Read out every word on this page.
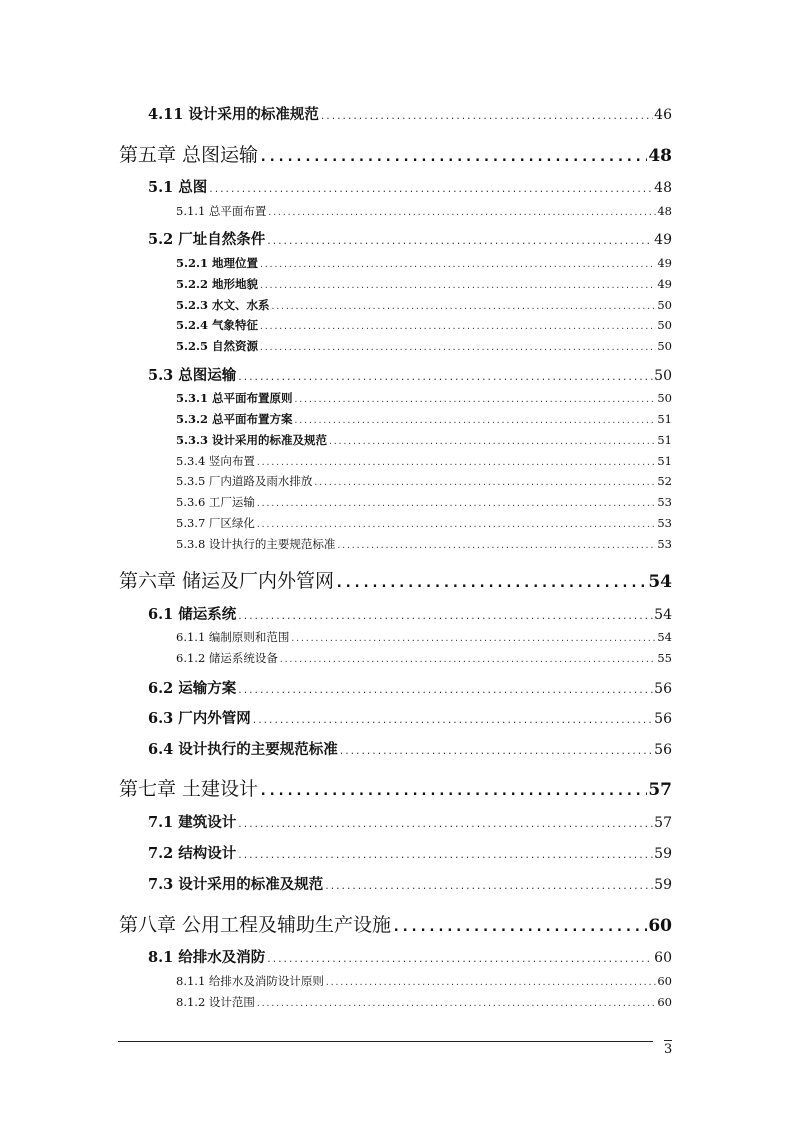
4.11 设计采用的标准规范 .....	46
第五章 总图运输 .....	48
5.1 总图 .....	48
5.1.1 总平面布置 .....	48
5.2 厂址自然条件 .....	49
5.2.1 地理位置 .....	49
5.2.2 地形地貌 .....	49
5.2.3 水文、水系 .....	50
5.2.4 气象特征 .....	50
5.2.5 自然资源 .....	50
5.3 总图运输 .....	50
5.3.1 总平面布置原则 .....	50
5.3.2 总平面布置方案 .....	51
5.3.3 设计采用的标准及规范 .....	51
5.3.4 竖向布置 .....	51
5.3.5 厂内道路及雨水排放 .....	52
5.3.6 工厂运输 .....	53
5.3.7 厂区绿化 .....	53
5.3.8 设计执行的主要规范标准 .....	53
第六章 储运及厂内外管网 .....	54
6.1 储运系统 .....	54
6.1.1 编制原则和范围 .....	54
6.1.2 储运系统设备 .....	55
6.2 运输方案 .....	56
6.3 厂内外管网 .....	56
6.4 设计执行的主要规范标准 .....	56
第七章 土建设计 .....	57
7.1 建筑设计 .....	57
7.2 结构设计 .....	59
7.3 设计采用的标准及规范 .....	59
第八章 公用工程及辅助生产设施 .....	60
8.1 给排水及消防 .....	60
8.1.1 给排水及消防设计原则 .....	60
8.1.2 设计范围 .....	60
3
